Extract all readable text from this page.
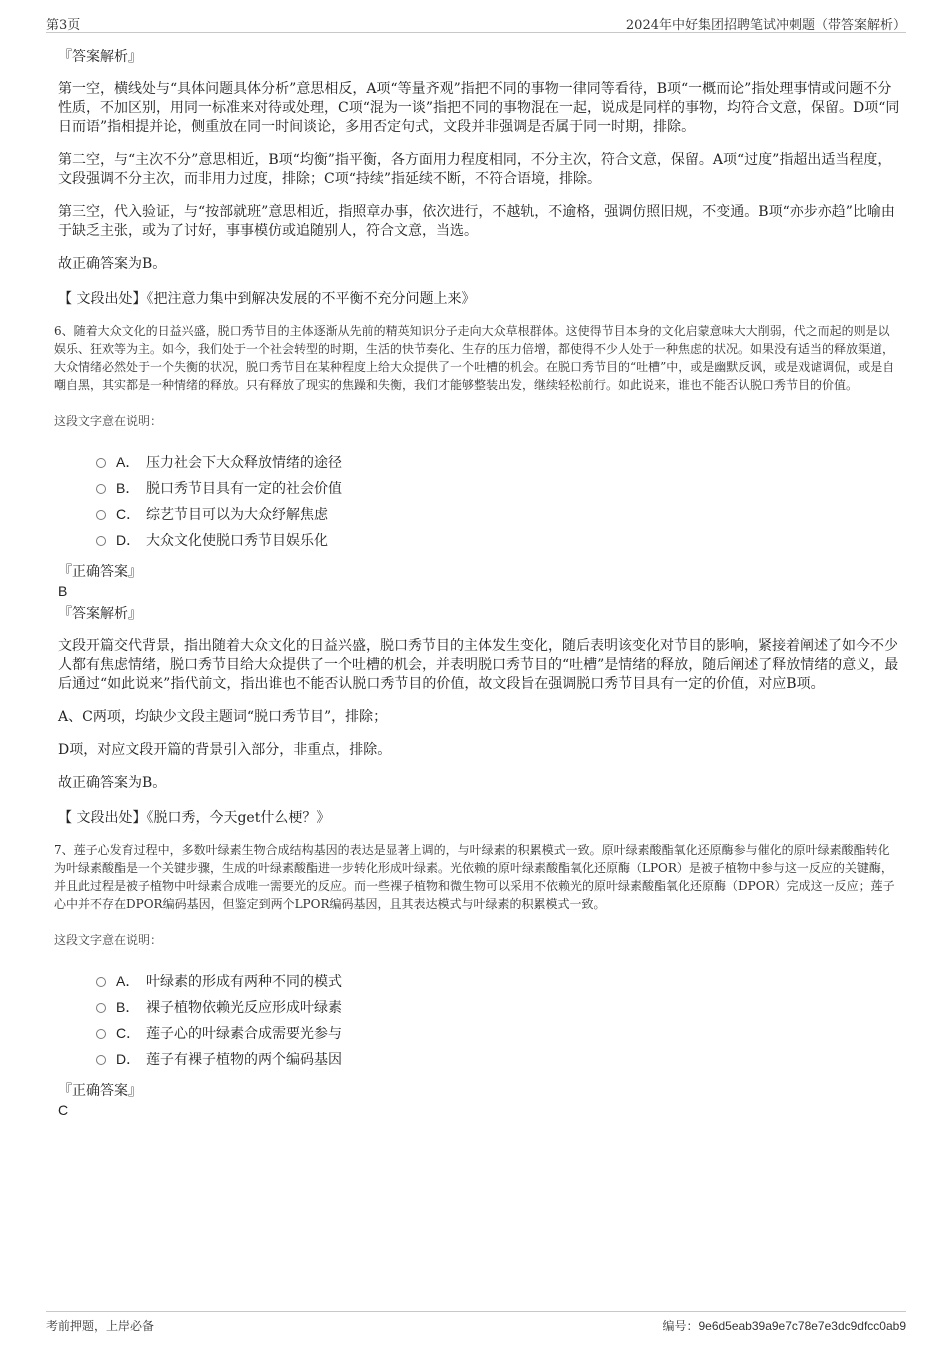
第3页	2024年中好集团招聘笔试冲刺题（带答案解析）
『答案解析』
第一空，横线处与“具体问题具体分析”意思相反，A项“等量齐观”指把不同的事物一律同等看待，B项“一概而论”指处理事情或问题不分性质，不加区别，用同一标准来对待或处理，C项“混为一谈”指把不同的事物混在一起，说成是同样的事物，均符合文意，保留。D项“同日而语”指相提并论，侧重放在同一时间谈论，多用否定句式，文段并非强调是否属于同一时期，排除。
第二空，与“主次不分”意思相近，B项“均衡”指平衡，各方面用力程度相同，不分主次，符合文意，保留。A项“过度”指超出适当程度，文段强调不分主次，而非用力过度，排除；C项“持续”指延续不断，不符合语境，排除。
第三空，代入验证，与“按部就班”意思相近，指照章办事，依次进行，不越轨，不逾格，强调仿照旧规，不变通。B项“亦步亦趋”比喻由于缺乏主张，或为了讨好，事事模仿或追随别人，符合文意，当选。
故正确答案为B。
【 文段出处】《把注意力集中到解决发展的不平衡不充分问题上来》
6、随着大众文化的日益兴盛，脱口秀节目的主体逐渐从先前的精英知识分子走向大众草根群体。这使得节目本身的文化启蒙意味大大削弱，代之而起的则是以娱乐、狂欢等为主。如今，我们处于一个社会转型的时期，生活的快节奏化、生存的压力倍增，都使得不少人处于一种焦虑的状况。如果没有适当的释放渠道，大众情绪必然处于一个失衡的状况，脱口秀节目在某种程度上给大众提供了一个吐槽的机会。在脱口秀节目的“吐槽”中，或是幽默反讽，或是戏谑调侃，或是自嘲自黑，其实都是一种情绪的释放。只有释放了现实的焦躁和失衡，我们才能够整装出发，继续轻松前行。如此说来，谁也不能否认脱口秀节目的价值。
这段文字意在说明：
A． 压力社会下大众释放情绪的途径
B． 脱口秀节目具有一定的社会价值
C． 综艺节目可以为大众纾解焦虑
D． 大众文化使脱口秀节目娱乐化
『正确答案』
B
『答案解析』
文段开篇交代背景，指出随着大众文化的日益兴盛，脱口秀节目的主体发生变化，随后表明该变化对节目的影响，紧接着阐述了如今不少人都有焦虑情绪，脱口秀节目给大众提供了一个吐槽的机会，并表明脱口秀节目的“吐槽”是情绪的释放，随后阐述了释放情绪的意义，最后通过“如此说来”指代前文，指出谁也不能否认脱口秀节目的价值，故文段旨在强调脱口秀节目具有一定的价值，对应B项。
A、C两项，均缺少文段主题词“脱口秀节目”，排除；
D项，对应文段开篇的背景引入部分，非重点，排除。
故正确答案为B。
【 文段出处】《脱口秀，今天get什么梗？》
7、莲子心发育过程中，多数叶绿素生物合成结构基因的表达是显著上调的，与叶绿素的积累模式一致。原叶绿素酸酯氧化还原酶参与催化的原叶绿素酸酯转化为叶绿素酸酯是一个关键步骤，生成的叶绿素酸酯进一步转化形成叶绿素。光依赖的原叶绿素酸酯氧化还原酶（LPOR）是被子植物中参与这一反应的关键酶，并且此过程是被子植物中叶绿素合成唯一需要光的反应。而一些裸子植物和微生物可以采用不依赖光的原叶绿素酸酯氧化还原酶（DPOR）完成这一反应；莲子心中并不存在DPOR编码基因，但鉴定到两个LPOR编码基因，且其表达模式与叶绿素的积累模式一致。
这段文字意在说明：
A． 叶绿素的形成有两种不同的模式
B． 裸子植物依赖光反应形成叶绿素
C． 莲子心的叶绿素合成需要光参与
D． 莲子有裸子植物的两个编码基因
『正确答案』
C
考前押题，上岸必备	编号：9e6d5eab39a9e7c78e7e3dc9dfcc0ab9
